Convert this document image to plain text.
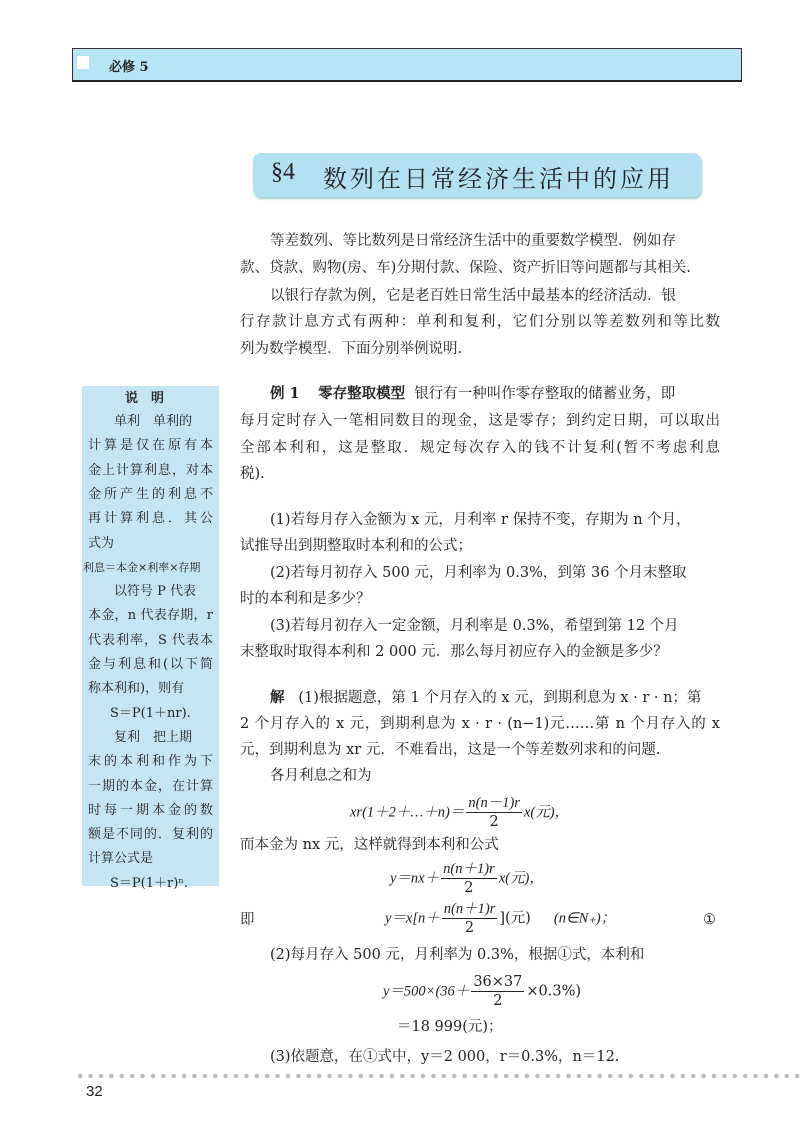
必修 5
§4 数列在日常经济生活中的应用
等差数列、等比数列是日常经济生活中的重要数学模型．例如存
款、贷款、购物(房、车)分期付款、保险、资产折旧等问题都与其相关.
以银行存款为例，它是老百姓日常生活中最基本的经济活动．银
行存款计息方式有两种：单利和复利，它们分别以等差数列和等比数
列为数学模型．下面分别举例说明.
例 1 零存整取模型 银行有一种叫作零存整取的储蓄业务，即
每月定时存入一笔相同数目的现金，这是零存；到约定日期，可以取出
全部本利和，这是整取．规定每次存入的钱不计复利(暂不考虑利息
税).
(1)若每月存入金额为 x 元，月利率 r 保持不变，存期为 n 个月，
试推导出到期整取时本利和的公式；
(2)若每月初存入 500 元，月利率为 0.3%，到第 36 个月末整取
时的本利和是多少？
(3)若每月初存入一定金额，月利率是 0.3%，希望到第 12 个月
末整取时取得本利和 2 000 元．那么每月初应存入的金额是多少？
解 (1)根据题意，第 1 个月存入的 x 元，到期利息为 x · r · n；第
2 个月存入的 x 元，到期利息为 x · r · (n−1)元……第 n 个月存入的 x
元，到期利息为 xr 元．不难看出，这是一个等差数列求和的问题.
各月利息之和为
xr(1＋2＋…＋n)＝ $\frac{n(n-1)r}{2} x$(元)，
而本金为 nx 元，这样就得到本利和公式
$y=nx+ \frac{n(n+1)r}{2} x$(元)，
即	$y=x[n+ \frac{n(n+1)r}{2}$ ](元) (n∈N₊)；	①
(2)每月存入 500 元，月利率为 0.3%，根据①式，本利和
$y=500\times(36+ \frac{36\times 37}{2} \times 0.3\%)$
＝18 999(元)；
(3)依题意，在①式中，y＝2 000，r＝0.3%，n＝12.
说　明
单利　单利的
计算是仅在原有本
金上计算利息，对本
金所产生的利息不
再计算利息．其公
式为
利息＝本金×利率×存期
以符号 P 代表
本金，n 代表存期，r
代表利率，S 代表本
金与利息和(以下简
称本利和)，则有
S＝P(1＋nr).
复利　把上期
末的本利和作为下
一期的本金，在计算
时每一期本金的数
额是不同的．复利的
计算公式是
S＝P(1＋r)ⁿ.
32
